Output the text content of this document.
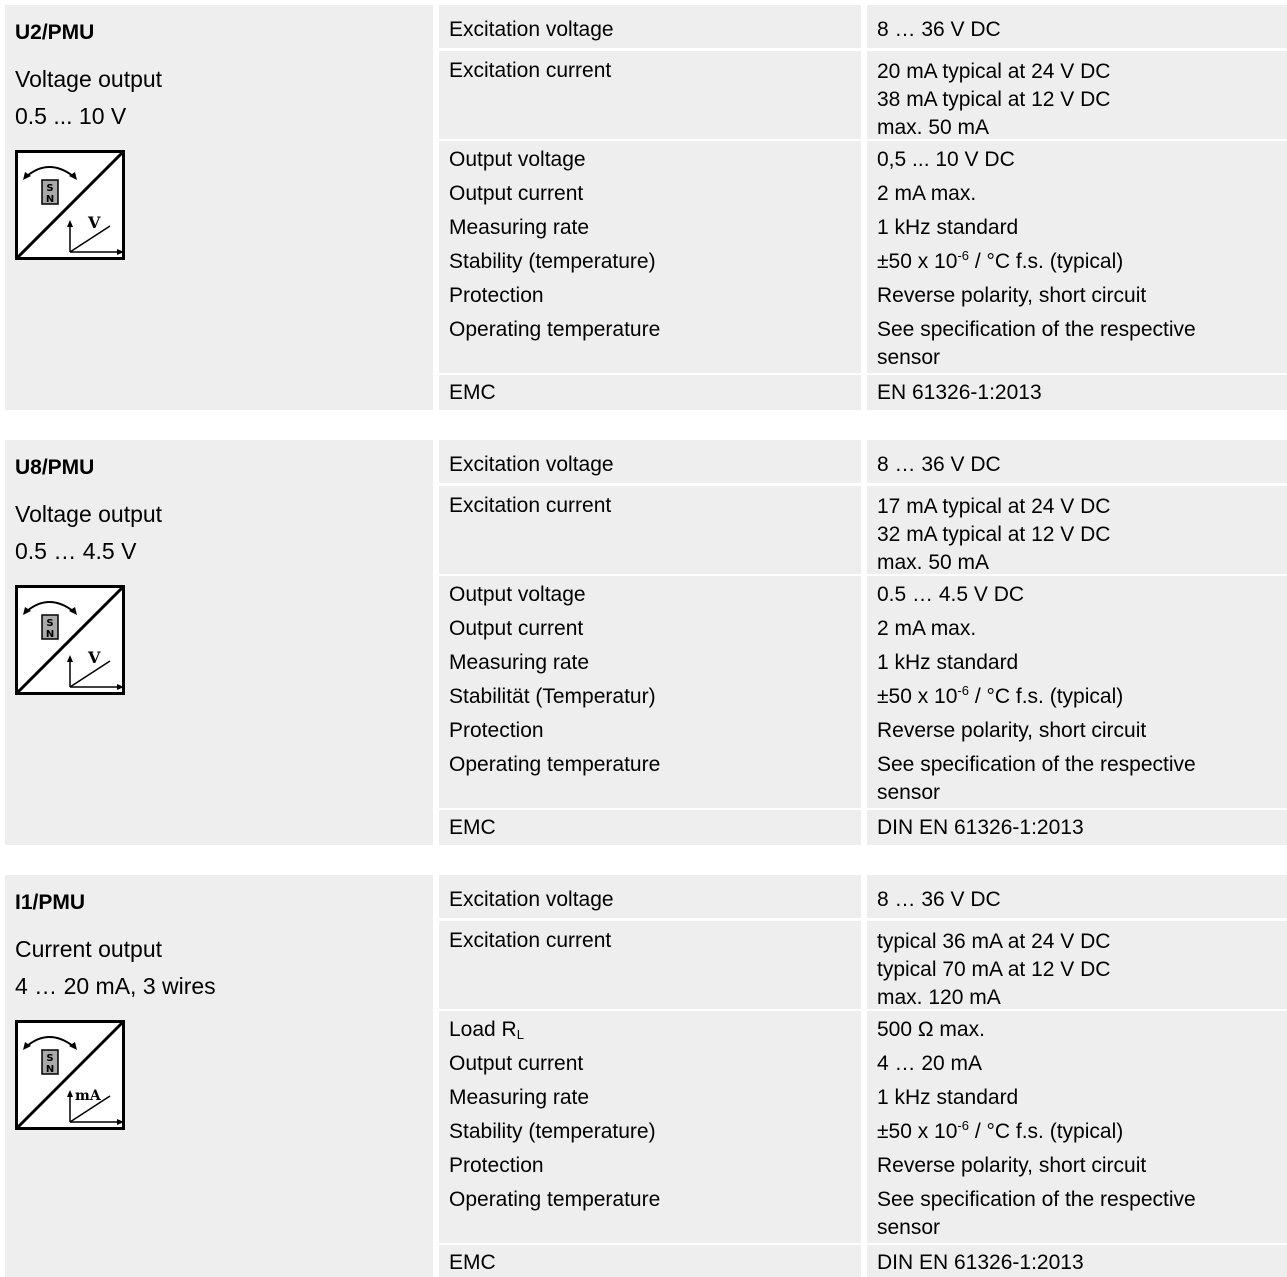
U2/PMU
Voltage output
0.5 ... 10 V
S
N
V
Excitation voltage	8 … 36 V DC
Excitation current	20 mA typical at 24 V DC
38 mA typical at 12 V DC
max. 50 mA
Output voltage	0,5 ... 10 V DC
Output current	2 mA max.
Measuring rate	1 kHz standard
Stability (temperature)	±50 x $10^{-6} / ^\circ C$ f.s. (typical)
Protection	Reverse polarity, short circuit
Operating temperature	See specification of the respective
sensor
EMC	EN 61326-1:2013
U8/PMU
Voltage output
0.5 … 4.5 V
S
N
V
Excitation voltage	8 … 36 V DC
Excitation current	17 mA typical at 24 V DC
32 mA typical at 12 V DC
max. 50 mA
Output voltage	0.5 … 4.5 V DC
Output current	2 mA max.
Measuring rate	1 kHz standard
Stabilität (Temperatur)	±50 x $10^{-6} / ^\circ C$ f.s. (typical)
Protection	Reverse polarity, short circuit
Operating temperature	See specification of the respective
sensor
EMC	DIN EN 61326-1:2013
I1/PMU
Current output
4 … 20 mA, 3 wires
S
N
mA
Excitation voltage	8 … 36 V DC
Excitation current	typical 36 mA at 24 V DC
typical 70 mA at 12 V DC
max. 120 mA
Load $R_L$	500 Ω max.
Output current	4 … 20 mA
Measuring rate	1 kHz standard
Stability (temperature)	±50 x $10^{-6} / ^\circ C$ f.s. (typical)
Protection	Reverse polarity, short circuit
Operating temperature	See specification of the respective
sensor
EMC	DIN EN 61326-1:2013
